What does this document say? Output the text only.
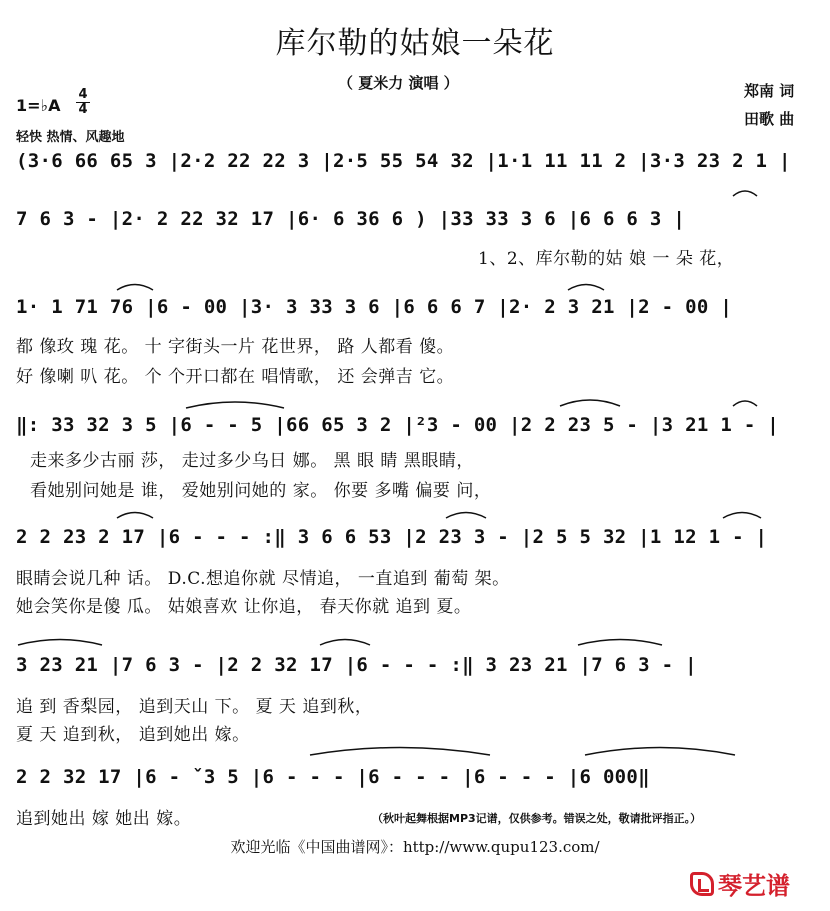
库尔勒的姑娘一朵花
（ 夏米力 演唱 ）	郑南 词
田歌 曲
1=♭A
4
4
轻快 热情、风趣地
(3·6 66 65 3 |2·2 22 22 3 |2·5 55 54 32 |1·1 11 11 2 |3·3 23 2 1 |
7 6 3 - |2· 2 22 32 17 |6· 6 36 6 ) |33 33 3 6 |6 6 6 3 |
1、2、库尔勒的姑 娘 一 朵 花，
1· 1 71 76 |6 - 00 |3· 3 33 3 6 |6 6 6 7 |2· 2 3 21 |2 - 00 |
都 像玫 瑰 花。 十 字街头一片 花世界， 路 人都看 傻。
好 像喇 叭 花。 个 个开口都在 唱情歌， 还 会弹吉 它。
‖: 33 32 3 5 |6 - - 5 |66 65 3 2 |²3 - 00 |2 2 23 5 - |3 21 1 - |
走来多少古丽 莎， 走过多少乌日 娜。 黑 眼 睛 黑眼睛，
看她别问她是 谁， 爱她别问她的 家。 你要 多嘴 偏要 问，
2 2 23 2 17 |6 - - - :‖ 3 6 6 53 |2 23 3 - |2 5 5 32 |1 12 1 - |
眼睛会说几种 话。 D.C.想追你就 尽情追， 一直追到 葡萄 架。
她会笑你是傻 瓜。 姑娘喜欢 让你追， 春天你就 追到 夏。
3 23 21 |7 6 3 - |2 2 32 17 |6 - - - :‖ 3 23 21 |7 6 3 - |
追 到 香梨园， 追到天山 下。 夏 天 追到秋，
夏 天 追到秋， 追到她出 嫁。
2 2 32 17 |6 - ˇ3 5 |6 - - - |6 - - - |6 - - - |6 000‖
追到她出 嫁 她出 嫁。	（秋叶起舞根据MP3记谱，仅供参考。错误之处，敬请批评指正。）
欢迎光临《中国曲谱网》：http://www.qupu123.com/
琴艺谱
